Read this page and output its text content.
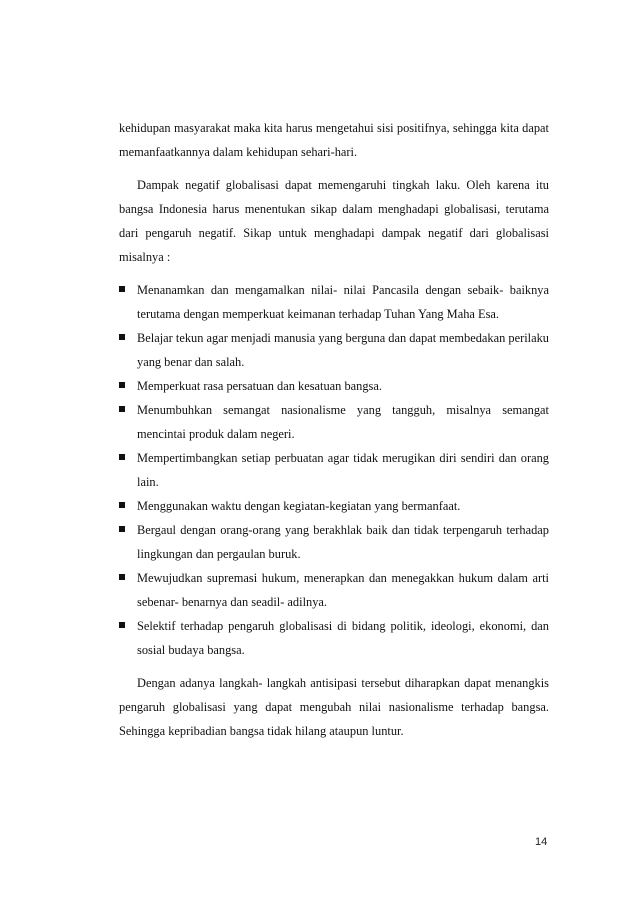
kehidupan masyarakat maka kita harus mengetahui sisi positifnya, sehingga kita dapat memanfaatkannya dalam kehidupan sehari-hari.

Dampak negatif globalisasi dapat memengaruhi tingkah laku. Oleh karena itu bangsa Indonesia harus menentukan sikap dalam menghadapi globalisasi, terutama dari pengaruh negatif. Sikap untuk menghadapi dampak negatif dari globalisasi misalnya :

Menanamkan dan mengamalkan nilai- nilai Pancasila dengan sebaik- baiknya terutama dengan memperkuat keimanan terhadap Tuhan Yang Maha Esa.
Belajar tekun agar menjadi manusia yang berguna dan dapat membedakan perilaku yang benar dan salah.
Memperkuat rasa persatuan dan kesatuan bangsa.
Menumbuhkan semangat nasionalisme yang tangguh, misalnya semangat mencintai produk dalam negeri.
Mempertimbangkan setiap perbuatan agar tidak merugikan diri sendiri dan orang lain.
Menggunakan waktu dengan kegiatan-kegiatan yang bermanfaat.
Bergaul dengan orang-orang yang berakhlak baik dan tidak terpengaruh terhadap lingkungan dan pergaulan buruk.
Mewujudkan supremasi hukum, menerapkan dan menegakkan hukum dalam arti sebenar- benarnya dan seadil- adilnya.
Selektif terhadap pengaruh globalisasi di bidang politik, ideologi, ekonomi, dan sosial budaya bangsa.

Dengan adanya langkah- langkah antisipasi tersebut diharapkan dapat menangkis pengaruh globalisasi yang dapat mengubah nilai nasionalisme terhadap bangsa. Sehingga kepribadian bangsa tidak hilang ataupun luntur.

14
